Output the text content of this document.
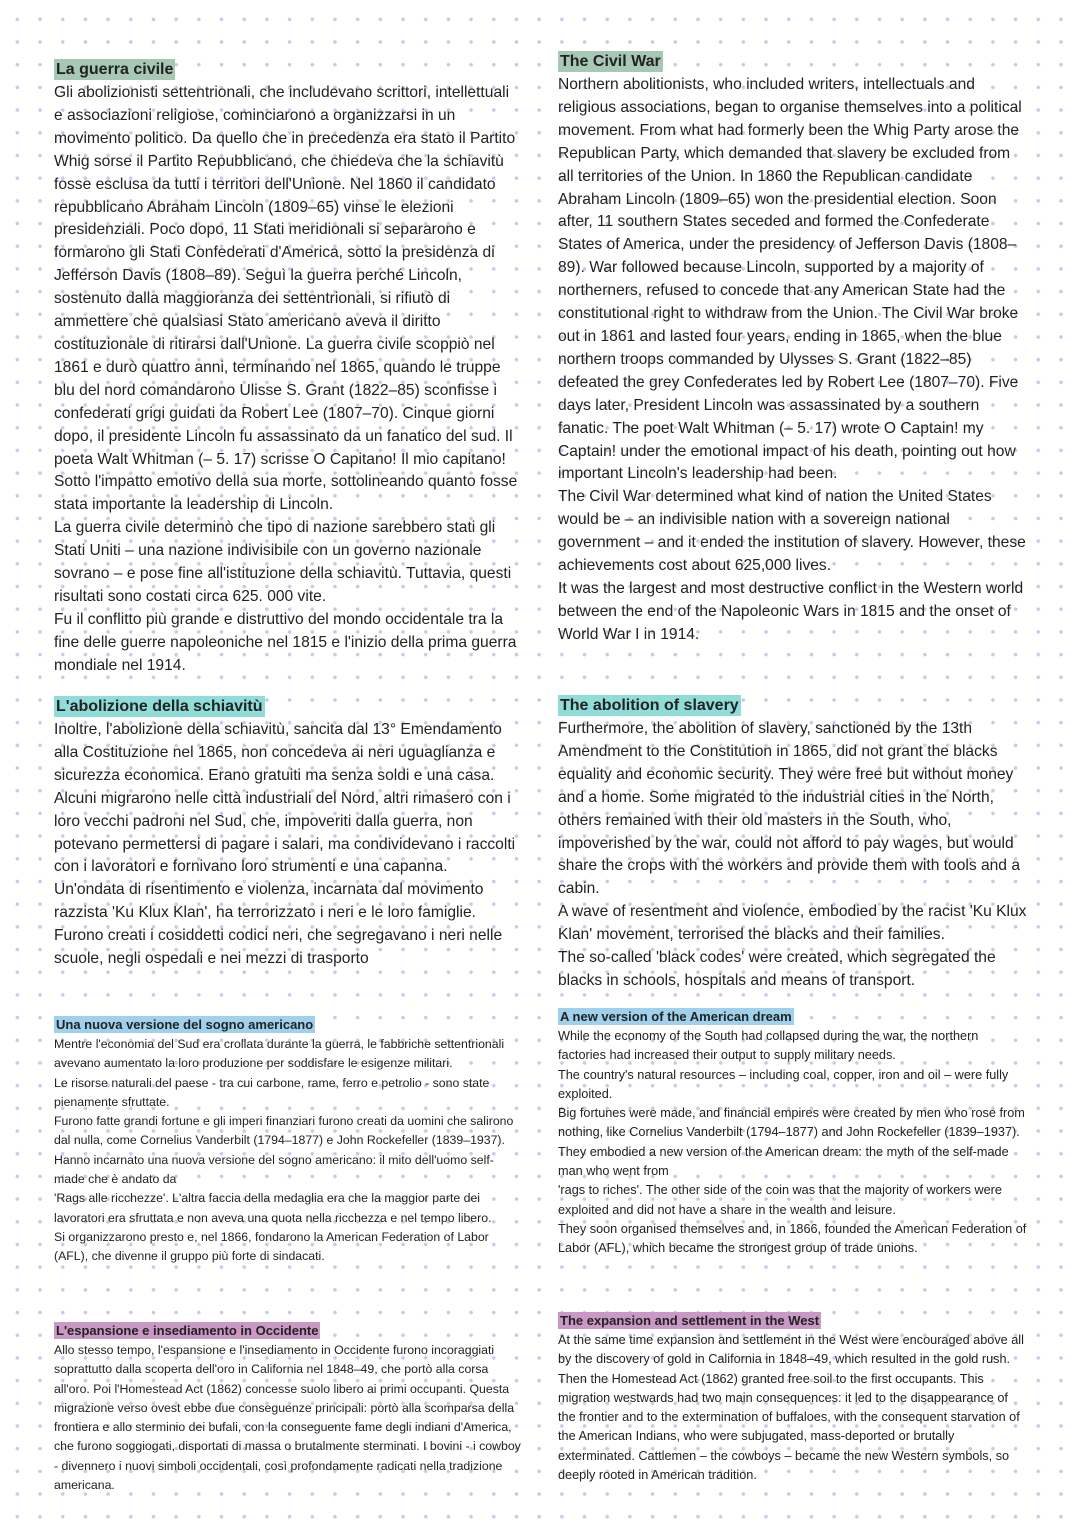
La guerra civile

Gli abolizionisti settentrionali, che includevano scrittori, intellettuali e associazioni religiose, cominciarono a organizzarsi in un movimento politico. Da quello che in precedenza era stato il Partito Whig sorse il Partito Repubblicano, che chiedeva che la schiavitù fosse esclusa da tutti i territori dell'Unione. Nel 1860 il candidato repubblicano Abraham Lincoln (1809–65) vinse le elezioni presidenziali. Poco dopo, 11 Stati meridionali si separarono e formarono gli Stati Confederati d'America, sotto la presidenza di Jefferson Davis (1808–89). Seguì la guerra perché Lincoln, sostenuto dalla maggioranza dei settentrionali, si rifiutò di ammettere che qualsiasi Stato americano aveva il diritto costituzionale di ritirarsi dall'Unione. La guerra civile scoppiò nel 1861 e durò quattro anni, terminando nel 1865, quando le truppe blu del nord comandarono Ulisse S. Grant (1822–85) sconfisse i confederati grigi guidati da Robert Lee (1807–70). Cinque giorni dopo, il presidente Lincoln fu assassinato da un fanatico del sud. Il poeta Walt Whitman (– 5. 17) scrisse O Capitano! Il mio capitano! Sotto l'impatto emotivo della sua morte, sottolineando quanto fosse stata importante la leadership di Lincoln.

La guerra civile determinò che tipo di nazione sarebbero stati gli Stati Uniti – una nazione indivisibile con un governo nazionale sovrano – e pose fine all'istituzione della schiavitù. Tuttavia, questi risultati sono costati circa 625. 000 vite.

Fu il conflitto più grande e distruttivo del mondo occidentale tra la fine delle guerre napoleoniche nel 1815 e l'inizio della prima guerra mondiale nel 1914.

L'abolizione della schiavitù

Inoltre, l'abolizione della schiavitù, sancita dal 13° Emendamento alla Costituzione nel 1865, non concedeva ai neri uguaglianza e sicurezza economica. Erano gratuiti ma senza soldi e una casa. Alcuni migrarono nelle città industriali del Nord, altri rimasero con i loro vecchi padroni nel Sud, che, impoveriti dalla guerra, non potevano permettersi di pagare i salari, ma condividevano i raccolti con i lavoratori e fornivano loro strumenti e una capanna.

Un'ondata di risentimento e violenza, incarnata dal movimento razzista 'Ku Klux Klan', ha terrorizzato i neri e le loro famiglie. Furono creati i cosiddetti codici neri, che segregavano i neri nelle scuole, negli ospedali e nei mezzi di trasporto

Una nuova versione del sogno americano

Mentre l'economia del Sud era crollata durante la guerra, le fabbriche settentrionali avevano aumentato la loro produzione per soddisfare le esigenze militari.

Le risorse naturali del paese - tra cui carbone, rame, ferro e petrolio - sono state pienamente sfruttate.

Furono fatte grandi fortune e gli imperi finanziari furono creati da uomini che salirono dal nulla, come Cornelius Vanderbilt (1794–1877) e John Rockefeller (1839–1937). Hanno incarnato una nuova versione del sogno americano: il mito dell'uomo self-made che è andato da

'Rags alle ricchezze'. L'altra faccia della medaglia era che la maggior parte dei lavoratori era sfruttata e non aveva una quota nella ricchezza e nel tempo libero.

Si organizzarono presto e, nel 1866, fondarono la American Federation of Labor (AFL), che divenne il gruppo più forte di sindacati.

L'espansione e insediamento in Occidente

Allo stesso tempo, l'espansione e l'insediamento in Occidente furono incoraggiati soprattutto dalla scoperta dell'oro in California nel 1848–49, che portò alla corsa all'oro. Poi l'Homestead Act (1862) concesse suolo libero ai primi occupanti. Questa migrazione verso ovest ebbe due conseguenze principali: portò alla scomparsa della frontiera e allo sterminio dei bufali, con la conseguente fame degli indiani d'America, che furono soggiogati, disportati di massa o brutalmente sterminati. I bovini - i cowboy - divennero i nuovi simboli occidentali, così profondamente radicati nella tradizione americana.

The Civil War

Northern abolitionists, who included writers, intellectuals and religious associations, began to organise themselves into a political movement. From what had formerly been the Whig Party arose the Republican Party, which demanded that slavery be excluded from all territories of the Union. In 1860 the Republican candidate Abraham Lincoln (1809–65) won the presidential election. Soon after, 11 southern States seceded and formed the Confederate States of America, under the presidency of Jefferson Davis (1808–89). War followed because Lincoln, supported by a majority of northerners, refused to concede that any American State had the constitutional right to withdraw from the Union. The Civil War broke out in 1861 and lasted four years, ending in 1865, when the blue northern troops commanded by Ulysses S. Grant (1822–85) defeated the grey Confederates led by Robert Lee (1807–70). Five days later, President Lincoln was assassinated by a southern fanatic. The poet Walt Whitman (– 5. 17) wrote O Captain! my Captain! under the emotional impact of his death, pointing out how important Lincoln's leadership had been.

The Civil War determined what kind of nation the United States would be – an indivisible nation with a sovereign national government – and it ended the institution of slavery. However, these achievements cost about 625,000 lives.

It was the largest and most destructive conflict in the Western world between the end of the Napoleonic Wars in 1815 and the onset of World War I in 1914.

The abolition of slavery

Furthermore, the abolition of slavery, sanctioned by the 13th Amendment to the Constitution in 1865, did not grant the blacks equality and economic security. They were free but without money and a home. Some migrated to the industrial cities in the North, others remained with their old masters in the South, who, impoverished by the war, could not afford to pay wages, but would share the crops with the workers and provide them with tools and a cabin.

A wave of resentment and violence, embodied by the racist 'Ku Klux Klan' movement, terrorised the blacks and their families.

The so-called 'black codes' were created, which segregated the blacks in schools, hospitals and means of transport.

A new version of the American dream

While the economy of the South had collapsed during the war, the northern factories had increased their output to supply military needs.

The country's natural resources – including coal, copper, iron and oil – were fully exploited.

Big fortunes were made, and financial empires were created by men who rose from nothing, like Cornelius Vanderbilt (1794–1877) and John Rockefeller (1839–1937). They embodied a new version of the American dream: the myth of the self-made man who went from

'rags to riches'. The other side of the coin was that the majority of workers were exploited and did not have a share in the wealth and leisure.

They soon organised themselves and, in 1866, founded the American Federation of Labor (AFL), which became the strongest group of trade unions.

The expansion and settlement in the West

At the same time expansion and settlement in the West were encouraged above all by the discovery of gold in California in 1848–49, which resulted in the gold rush. Then the Homestead Act (1862) granted free soil to the first occupants. This migration westwards had two main consequences: it led to the disappearance of the frontier and to the extermination of buffaloes, with the consequent starvation of the American Indians, who were subjugated, mass-deported or brutally exterminated. Cattlemen – the cowboys – became the new Western symbols, so deeply rooted in American tradition.
